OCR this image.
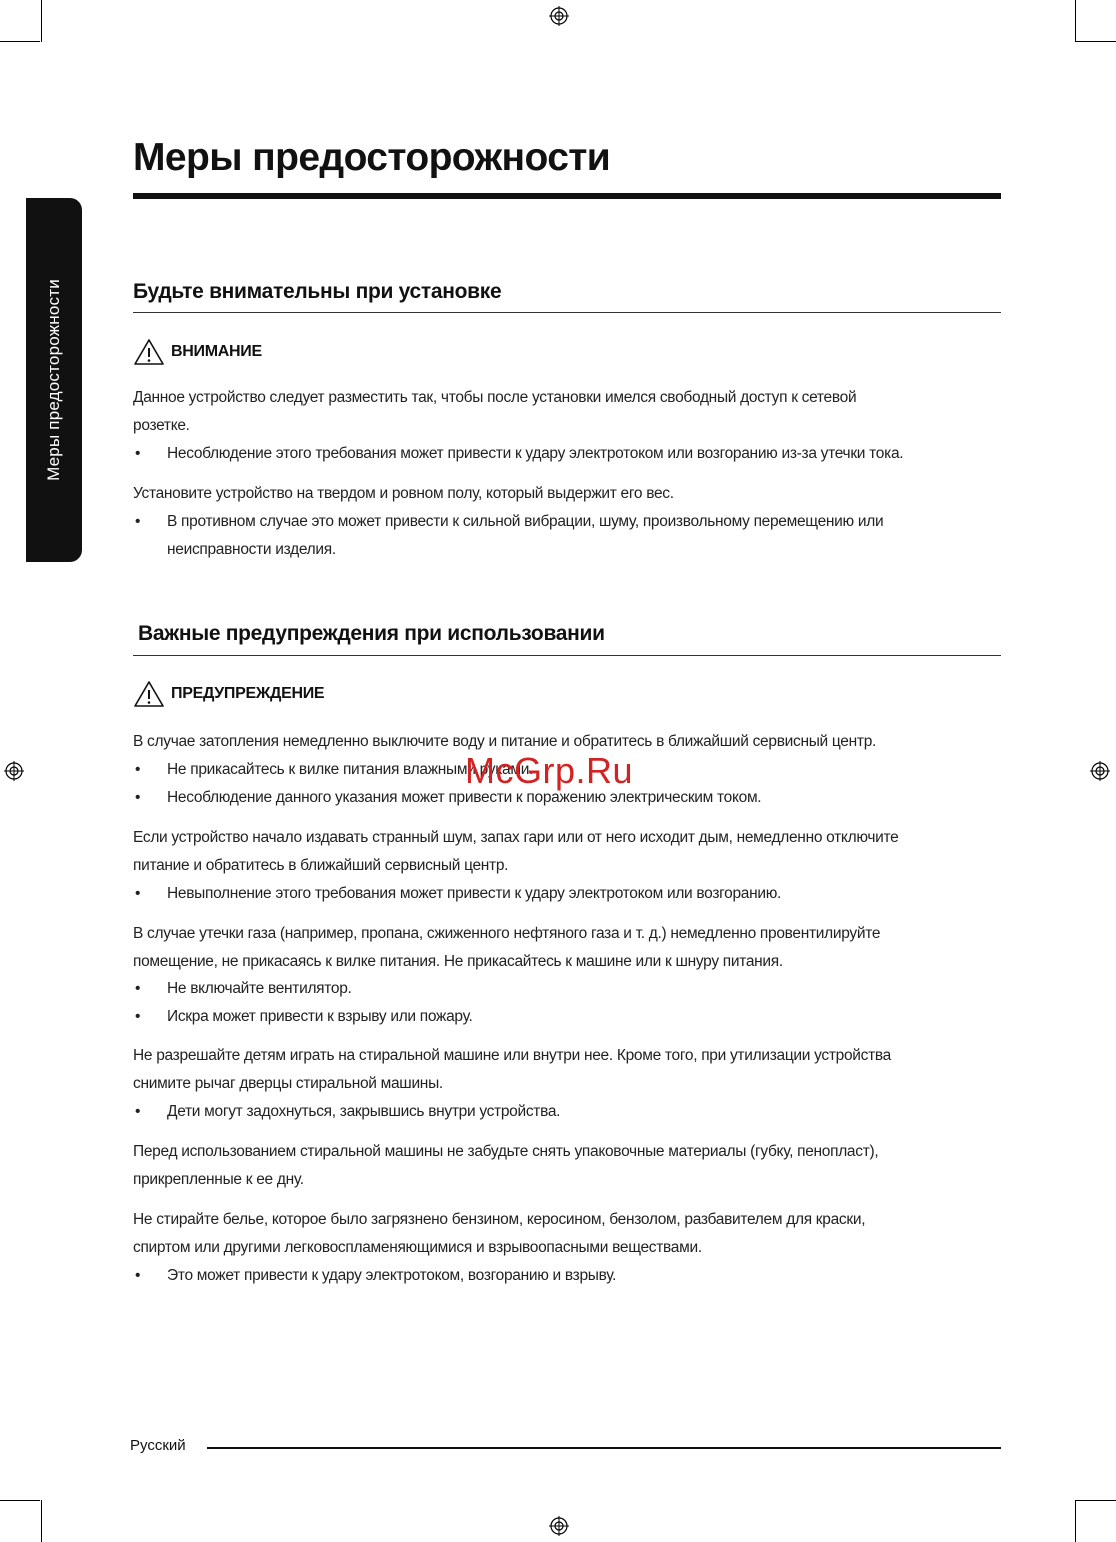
Меры предосторожности
Меры предосторожности
Будьте внимательны при установке
ВНИМАНИЕ

Данное устройство следует разместить так, чтобы после установки имелся свободный доступ к сетевой

розетке.

• Несоблюдение этого требования может привести к удару электротоком или возгоранию из-за утечки тока.

Установите устройство на твердом и ровном полу, который выдержит его вес.

• В противном случае это может привести к сильной вибрации, шуму, произвольному перемещению или

неисправности изделия.

Важные предупреждения при использовании
ПРЕДУПРЕЖДЕНИЕ

В случае затопления немедленно выключите воду и питание и обратитесь в ближайший сервисный центр.

• Не прикасайтесь к вилке питания влажными руками.

• Несоблюдение данного указания может привести к поражению электрическим током.

Если устройство начало издавать странный шум, запах гари или от него исходит дым, немедленно отключите

питание и обратитесь в ближайший сервисный центр.

• Невыполнение этого требования может привести к удару электротоком или возгоранию.

В случае утечки газа (например, пропана, сжиженного нефтяного газа и т. д.) немедленно провентилируйте

помещение, не прикасаясь к вилке питания. Не прикасайтесь к машине или к шнуру питания.

• Не включайте вентилятор.

• Искра может привести к взрыву или пожару.

Не разрешайте детям играть на стиральной машине или внутри нее. Кроме того, при утилизации устройства

снимите рычаг дверцы стиральной машины.

• Дети могут задохнуться, закрывшись внутри устройства.

Перед использованием стиральной машины не забудьте снять упаковочные материалы (губку, пенопласт),

прикрепленные к ее дну.

Не стирайте белье, которое было загрязнено бензином, керосином, бензолом, разбавителем для краски,

спиртом или другими легковоспламеняющимися и взрывоопасными веществами.

• Это может привести к удару электротоком, возгоранию и взрыву.

McGrp.Ru
Русский
